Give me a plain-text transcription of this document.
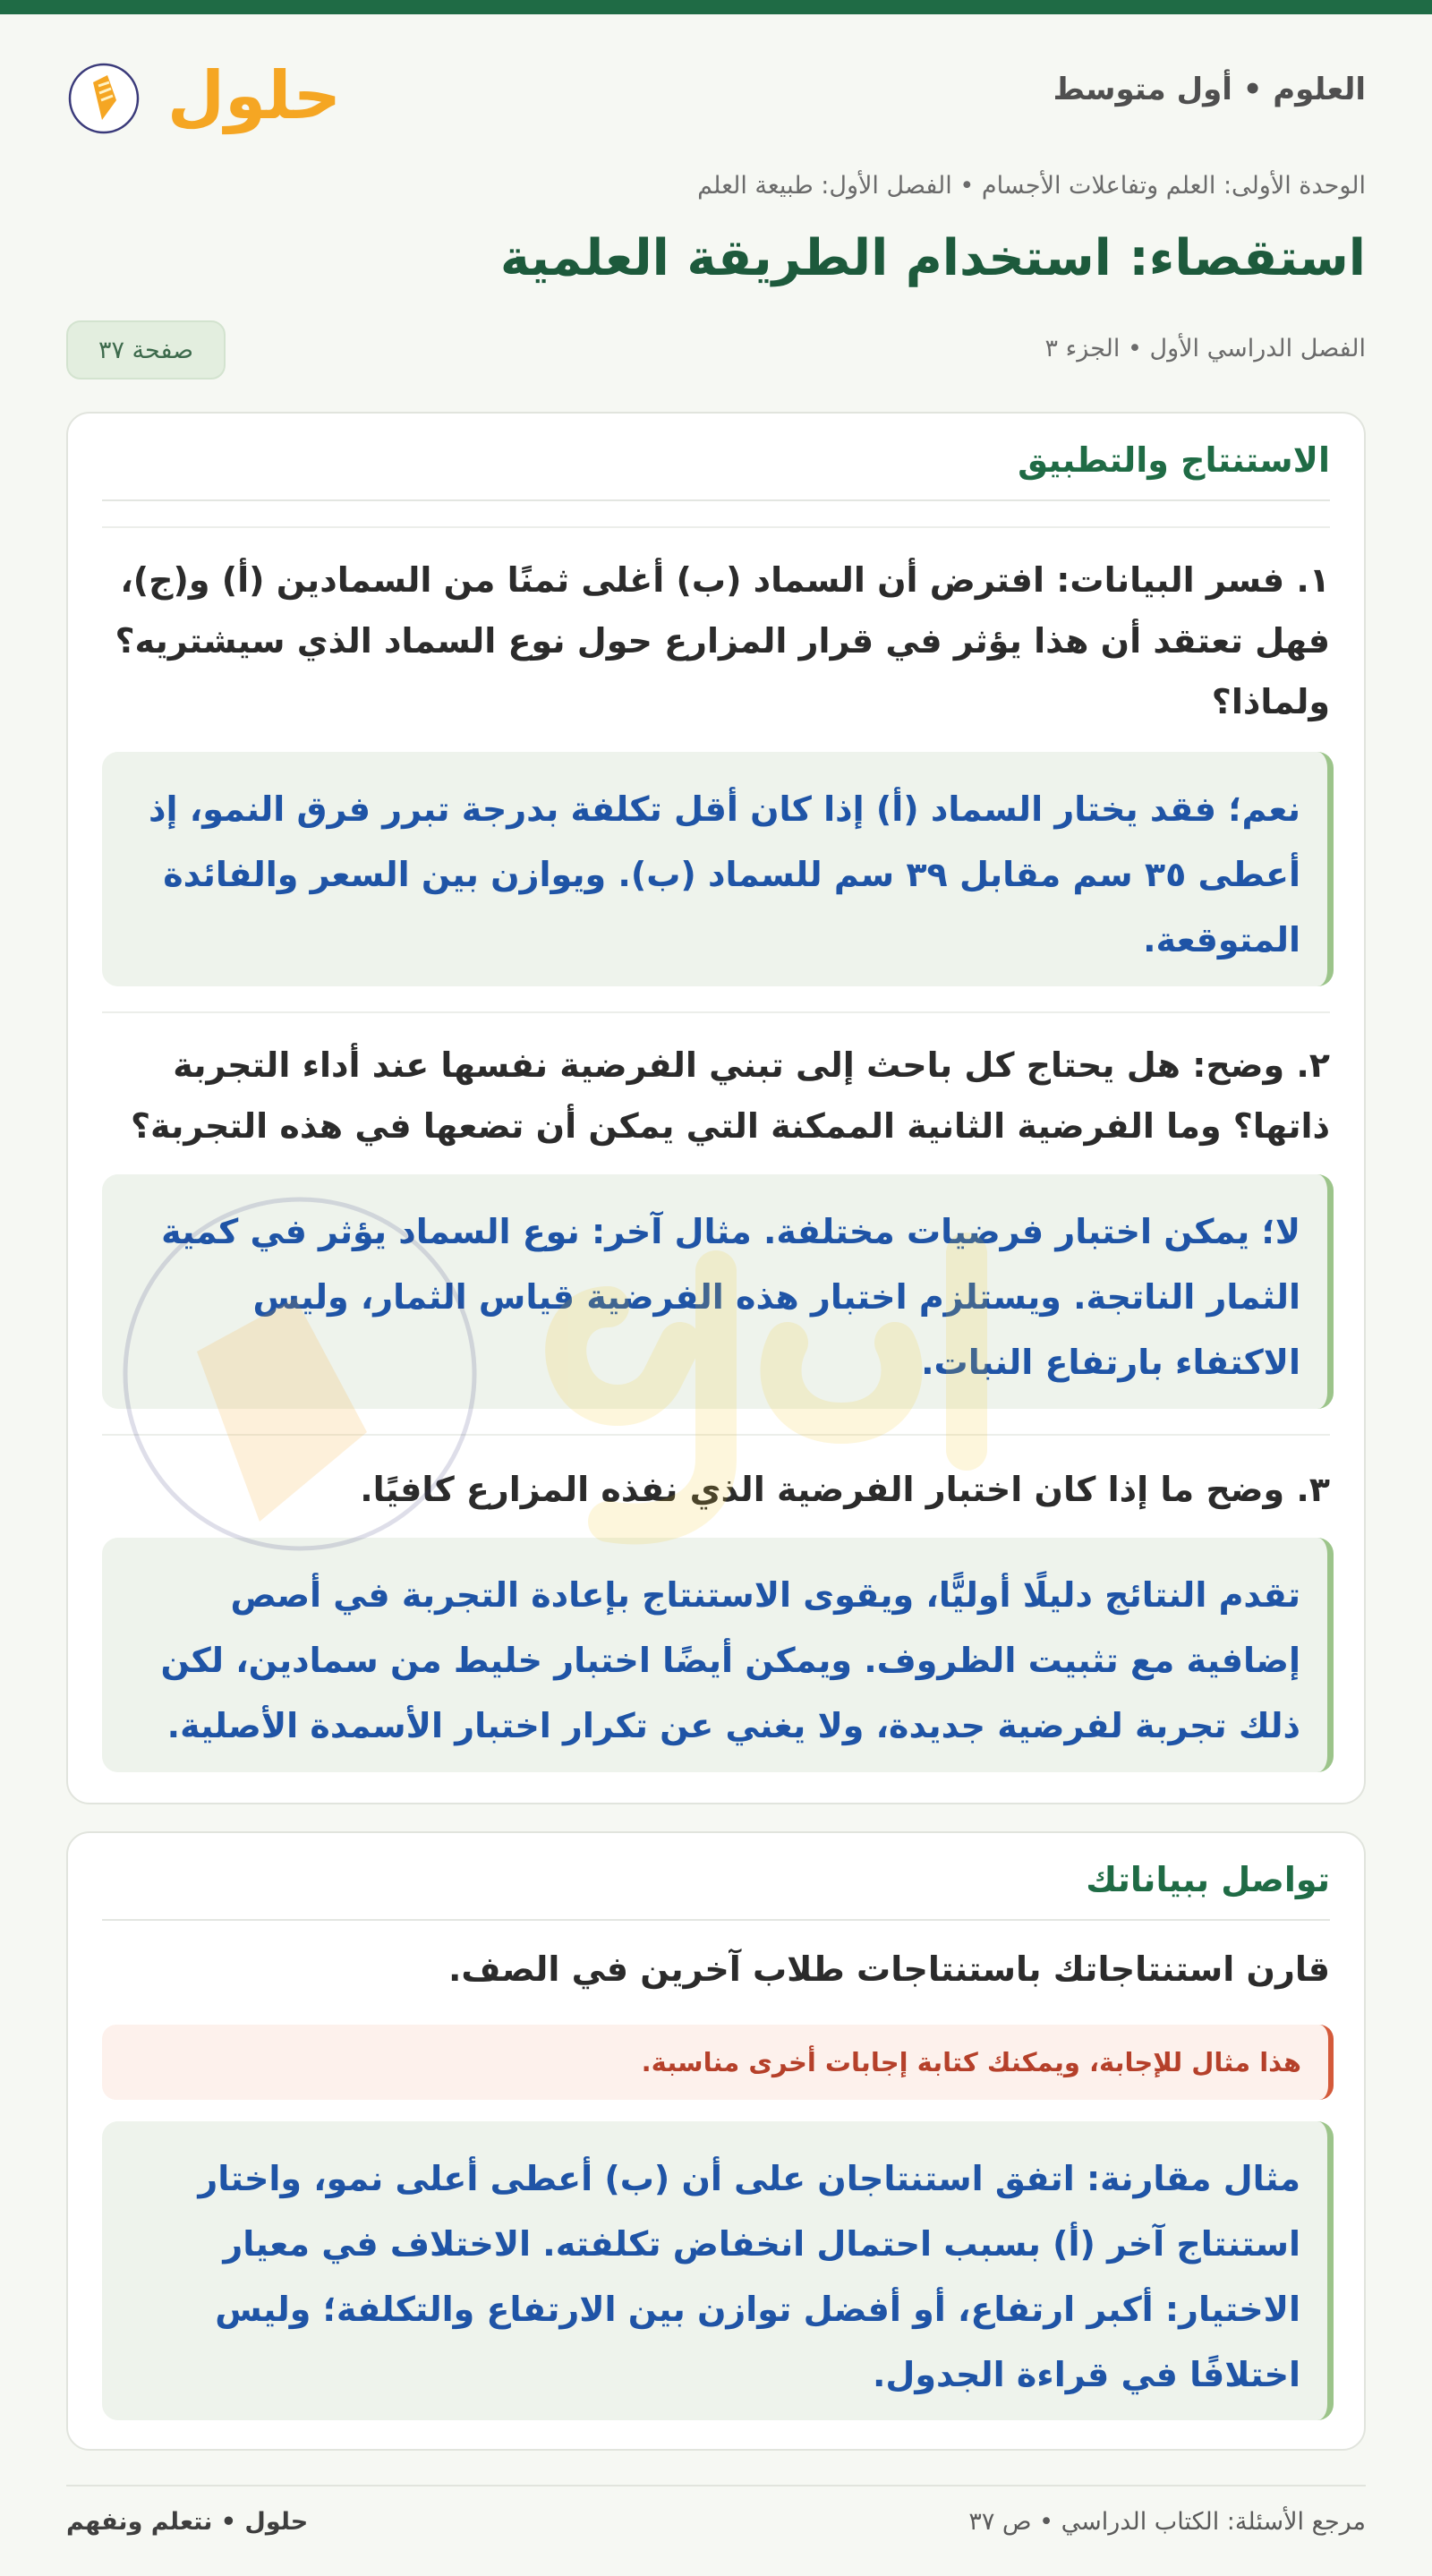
العلوم • أول متوسط
حلول
الوحدة الأولى: العلم وتفاعلات الأجسام • الفصل الأول: طبيعة العلم
استقصاء: استخدام الطريقة العلمية
الفصل الدراسي الأول • الجزء ٣
صفحة ٣٧
الاستنتاج والتطبيق
١. فسر البيانات: افترض أن السماد (ب) أغلى ثمنًا من السمادين (أ) و(ج)، فهل تعتقد أن هذا يؤثر في قرار المزارع حول نوع السماد الذي سيشتريه؟ ولماذا؟
نعم؛ فقد يختار السماد (أ) إذا كان أقل تكلفة بدرجة تبرر فرق النمو، إذ أعطى ٣٥ سم مقابل ٣٩ سم للسماد (ب). ويوازن بين السعر والفائدة المتوقعة.
٢. وضح: هل يحتاج كل باحث إلى تبني الفرضية نفسها عند أداء التجربة ذاتها؟ وما الفرضية الثانية الممكنة التي يمكن أن تضعها في هذه التجربة؟
لا؛ يمكن اختبار فرضيات مختلفة. مثال آخر: نوع السماد يؤثر في كمية الثمار الناتجة. ويستلزم اختبار هذه الفرضية قياس الثمار، وليس الاكتفاء بارتفاع النبات.
٣. وضح ما إذا كان اختبار الفرضية الذي نفذه المزارع كافيًا.
تقدم النتائج دليلًا أوليًّا، ويقوى الاستنتاج بإعادة التجربة في أصص إضافية مع تثبيت الظروف. ويمكن أيضًا اختبار خليط من سمادين، لكن ذلك تجربة لفرضية جديدة، ولا يغني عن تكرار اختبار الأسمدة الأصلية.
تواصل ببياناتك
قارن استنتاجاتك باستنتاجات طلاب آخرين في الصف.
هذا مثال للإجابة، ويمكنك كتابة إجابات أخرى مناسبة.
مثال مقارنة: اتفق استنتاجان على أن (ب) أعطى أعلى نمو، واختار استنتاج آخر (أ) بسبب احتمال انخفاض تكلفته. الاختلاف في معيار الاختيار: أكبر ارتفاع، أو أفضل توازن بين الارتفاع والتكلفة؛ وليس اختلافًا في قراءة الجدول.
حلول • نتعلم ونفهم	مرجع الأسئلة: الكتاب الدراسي • ص ٣٧
